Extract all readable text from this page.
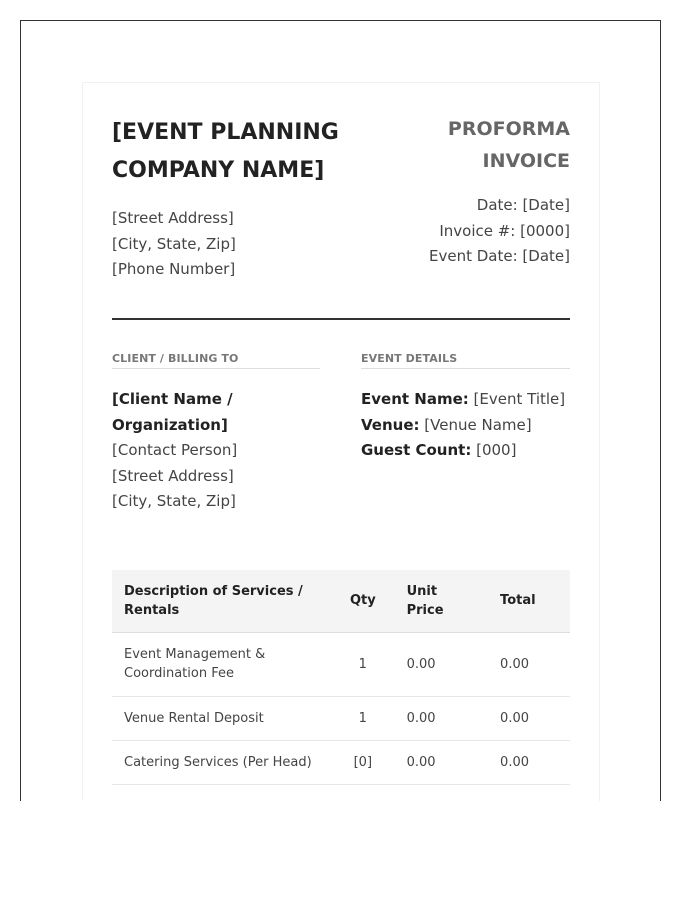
[EVENT PLANNING COMPANY NAME]
[Street Address]
[City, State, Zip]
[Phone Number]
PROFORMA INVOICE
Date: [Date]
Invoice #: [0000]
Event Date: [Date]
CLIENT / BILLING TO	EVENT DETAILS
[Client Name / Organization]
[Contact Person]
[Street Address]
[City, State, Zip]
Event Name: [Event Title]
Venue: [Venue Name]
Guest Count: [000]
Description of Services / Rentals	Qty	Unit Price	Total
Event Management & Coordination Fee	1	0.00	0.00
Venue Rental Deposit	1	0.00	0.00
Catering Services (Per Head)	[0]	0.00	0.00
